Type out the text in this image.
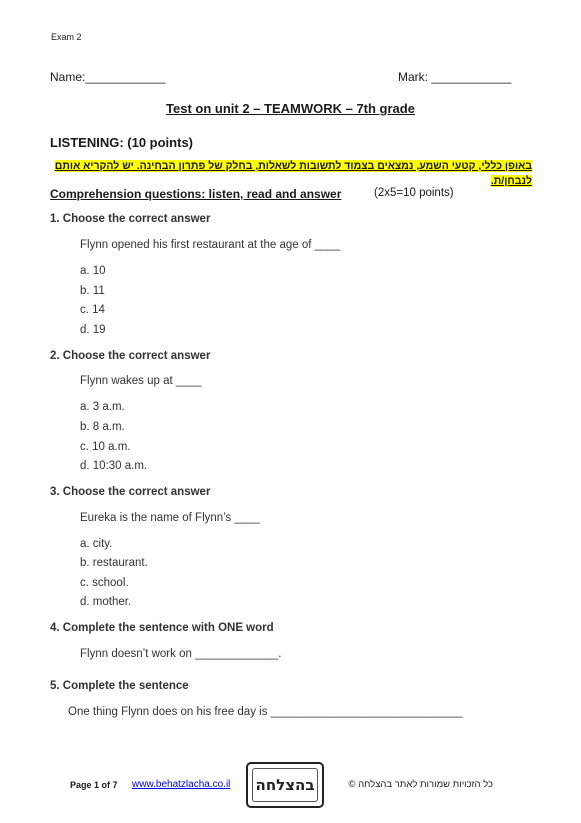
Exam 2
Name:____________	Mark: ____________
Test on unit 2 – TEAMWORK – 7th grade
LISTENING: (10 points)
באופן כללי, קטעי השמע, נמצאים בצמוד לתשובות לשאלות, בחלק של פתרון הבחינה. יש להקריא אותם לנבחן/ת.
Comprehension questions: listen, read and answer	(2x5=10 points)
1. Choose the correct answer
Flynn opened his first restaurant at the age of ____
a. 10
b. 11
c. 14
d. 19
2. Choose the correct answer
Flynn wakes up at ____
a. 3 a.m.
b. 8 a.m.
c. 10 a.m.
d. 10:30 a.m.
3. Choose the correct answer
Eureka is the name of Flynn’s ____
a. city.
b. restaurant.
c. school.
d. mother.
4. Complete the sentence with ONE word
Flynn doesn’t work on _____________.
5. Complete the sentence
One thing Flynn does on his free day is ______________________________
Page 1 of 7 www.behatzlacha.co.il בהצלחה	כל הזכויות שמורות לאתר בהצלחה ©
